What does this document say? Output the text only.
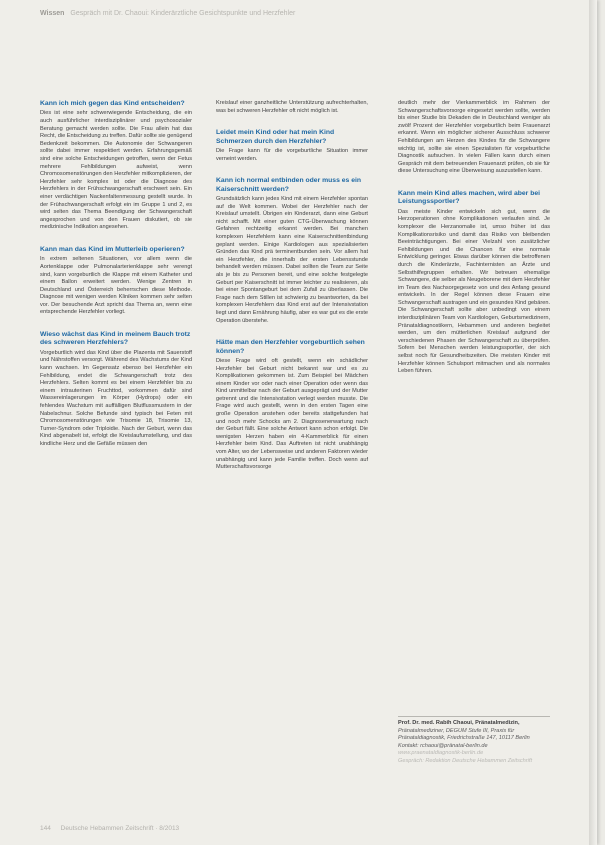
Wissen Gespräch mit Dr. Chaoui: Kinderärztliche Gesichtspunkte und Herzfehler
Kann ich mich gegen das Kind entscheiden?

Dies ist eine sehr schwerwiegende Entscheidung, die ein auch ausführlicher interdisziplinärer und psychosozialer Beratung gemacht werden sollte. Die Frau allein hat das Recht, die Entscheidung zu treffen. Dafür sollte sie genügend Bedenkzeit bekommen. Die Autonomie der Schwangeren sollte dabei immer respektiert werden. Erfahrungsgemäß sind eine solche Entscheidungen getroffen, wenn der Fetus mehrere Fehlbildungen aufweist, wenn Chromosomenstörungen den Herzfehler mitkomplizieren, der Herzfehler sehr komplex ist oder die Diagnose des Herzfehlers in der Frühschwangerschaft erschwert sein. Ein einer verdächtigen Nackenfaltenmessung gestellt wurde. In der Frühschwangerschaft erfolgt ein im Gruppe 1 und 2, es wird selten das Thema Beendigung der Schwangerschaft angesprochen und von den Frauen diskutiert, ob sie medizinische Indikation angesehen.

Kann man das Kind im Mutterleib operieren?

In extrem seltenen Situationen, vor allem wenn die Aortenklappe oder Pulmonalarterienklappe sehr verengt sind, kann vorgeburtlich die Klappe mit einem Katheter und einem Ballon erweitert werden. Wenige Zentren in Deutschland und Österreich beherrschen diese Methode. Diagnose mit wenigen werden Kliniken kommen sehr selten vor. Der besuchende Arzt spricht das Thema an, wenn eine entsprechende Herzfehler vorliegt.

Wieso wächst das Kind in meinem Bauch trotz des schweren Herzfehlers?

Vorgeburtlich wird das Kind über die Plazenta mit Sauerstoff und Nährstoffen versorgt. Während des Wachstums der Kind kann wachsen. Im Gegensatz ebenso bei Herzfehler ein Fehlbildung, endet die Schwangerschaft trotz des Herzfehlers. Selten kommt es bei einem Herzfehler bis zu einem intrauterinen Fruchttod, vorkommen dafür sind Wassereinlagerungen im Körper (Hydrops) oder ein fehlendes Wachstum mit auffälligen Blutflussmustern in der Nabelschnur. Solche Befunde sind typisch bei Feten mit Chromosomenstörungen wie Trisomie 18, Trisomie 13, Turner-Syndrom oder Triploidie. Nach der Geburt, wenn das Kind abgenabelt ist, erfolgt die Kreislaufumstellung, und das kindliche Herz und die Gefäße müssen den

Kreislauf einer ganzheitliche Unterstützung aufrechterhalten, was bei schweren Herzfehler oft nicht möglich ist.

Leidet mein Kind oder hat mein Kind Schmerzen durch den Herzfehler?

Die Frage kann für die vorgeburtliche Situation immer verneint werden.

Kann ich normal entbinden oder muss es ein Kaiserschnitt werden?

Grundsätzlich kann jedes Kind mit einem Herzfehler spontan auf die Welt kommen. Wobei der Herzfehler nach der Kreislauf umstellt. Übrigen ein Kinderarzt, dann eine Geburt nicht schafft. Mit einer guten CTG-Überwachung können Gefahren rechtzeitig erkannt werden. Bei manchen komplexen Herzfehlern kann eine Kaiserschnittentbindung geplant werden. Einige Kardiologen aus spezialisierten Gründen das Kind prä terminentbunden sein. Vor allem hat ein Herzfehler, die innerhalb der ersten Lebensstunde behandelt werden müssen. Dabei sollten die Team zur Seite als je bis zu Personen bereit, und eine solche festgelegte Geburt per Kaiserschnitt ist immer leichter zu realisieren, als bei einer Spontangeburt bei dem Zufall zu überlassen. Die Frage nach dem Stillen ist schwierig zu beantworten, da bei komplexen Herzfehlern das Kind erst auf der Intensivstation liegt und dann Ernährung häufig, aber es war gut es die erste Operation überstehe.

Hätte man den Herzfehler vorgeburtlich sehen können?

Diese Frage wird oft gestellt, wenn ein schädlicher Herzfehler bei Geburt nicht bekannt war und es zu Komplikationen gekommen ist. Zum Beispiel bei Mädchen einem Kinder vor oder nach einer Operation oder wenn das Kind unmittelbar nach der Geburt ausgeprägt und der Mutter getrennt und die Intensivstation verlegt werden musste. Die Frage wird auch gestellt, wenn in den ersten Tagen eine große Operation anstehen oder bereits stattgefunden hat und noch mehr Schocks am 2. Diagnosenerwartung nach der Geburt fällt. Eine solche Antwort kann schon erfolgt. Die wenigsten Herzen haben ein 4-Kammerblick für einen Herzfehler beim Kind. Das Auftreten ist nicht unabhängig vom Alter, wo der Lebensweise und anderen Faktoren wieder unabhängig und kann jede Familie treffen. Doch wenn auf Mutterschaftsvorsorge

deutlich mehr der Vierkammerblick im Rahmen der Schwangerschaftsvorsorge eingesetzt werden sollte, werden bis einer Studie bis Dekaden die in Deutschland weniger als zwölf Prozent der Herzfehler vorgeburtlich beim Frauenarzt erkannt. Wenn ein möglicher sicherer Ausschluss schwerer Fehlbildungen am Herzen des Kindes für die Schwangere wichtig ist, sollte sie einen Spezialisten für vorgeburtliche Diagnostik aufsuchen. In vielen Fällen kann durch einen Gespräch mit dem betreuenden Frauenarzt prüfen, ob sie für diese Untersuchung eine Überweisung auszustellen kann.

Kann mein Kind alles machen, wird aber bei Leistungssportler?

Das meiste Kinder entwickeln sich gut, wenn die Herzoperationen ohne Komplikationen verlaufen sind. Je komplexer die Herzanomalie ist, umso früher ist das Komplikationsrisiko und damit das Risiko von bleibenden Beeinträchtigungen. Bei einer Vielzahl von zusätzlicher Fehlbildungen und die Chancen für eine normale Entwicklung geringer. Etwas darüber können die betroffenen durch die Kinderärzte, Fachinternisten an Ärzte und Selbsthilfegruppen erhalten. Wir betreuen ehemalige Schwangere, die selber als Neugeborene mit dem Herzfehler im Team des Nachsorgegesetz von und des Anfang gesund entwickeln. In der Regel können diese Frauen eine Schwangerschaft austragen und ein gesundes Kind gebären. Die Schwangerschaft sollte aber unbedingt von einem interdisziplinären Team von Kardiologen, Geburtsmedizinern, Pränataldiagnostikern, Hebammen und anderen begleitet werden, um den mütterlichen Kreislauf aufgrund der verschiedenen Phasen der Schwangerschaft zu überprüfen. Sofern bei Menschen werden leistungssportler, der sich selbst noch für Gesundheitszeiten. Die meisten Kinder mit Herzfehler können Schulsport mitmachen und als normales Leben führen.

Prof. Dr. med. Rabih Chaoui, Pränatalmedizin,
Pränatalmediziner, DEGUM Stufe III, Praxis für Pränataldiagnostik, Friedrichstraße 147, 10117 Berlin
Kontakt: rchaoui@pränatal-berlin.de
www.praenataldiagnostik-berlin.de
Gespräch: Redaktion Deutsche Hebammen Zeitschrift
144 Deutsche Hebammen Zeitschrift · 8/2013
